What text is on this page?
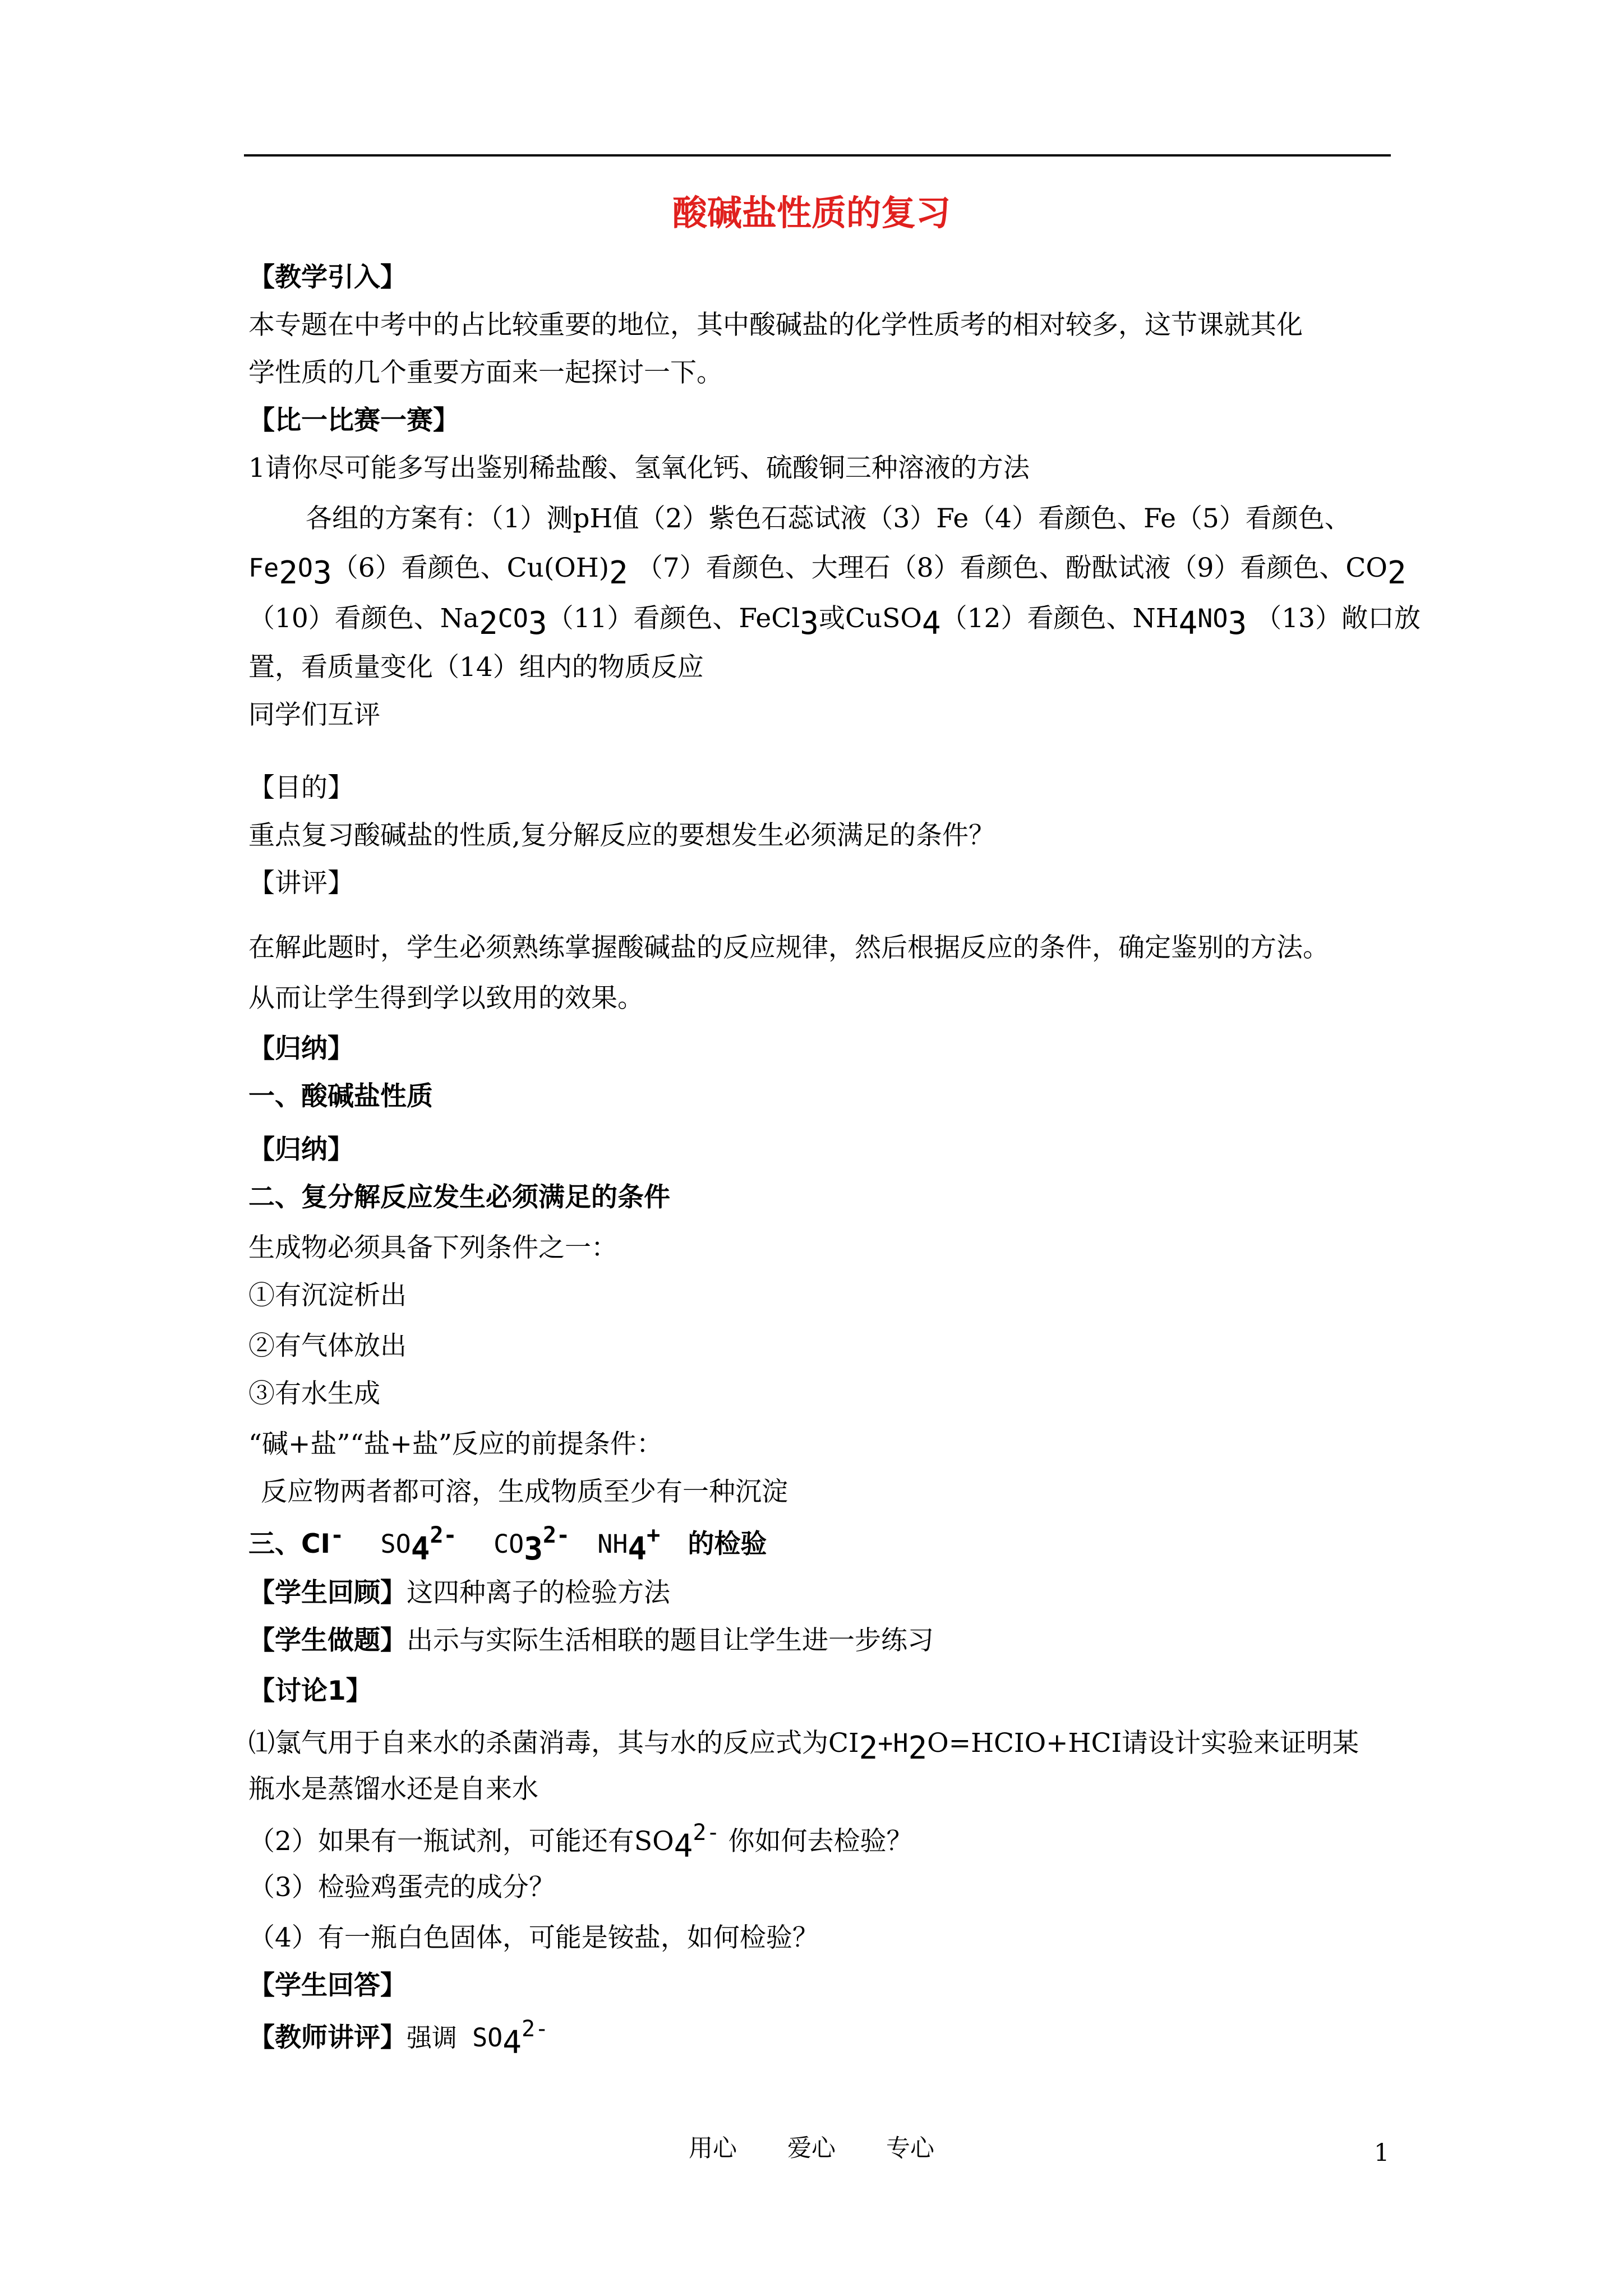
酸碱盐性质的复习
【教学引入】
本专题在中考中的占比较重要的地位，其中酸碱盐的化学性质考的相对较多，这节课就其化
学性质的几个重要方面来一起探讨一下。
【比一比赛一赛】
1请你尽可能多写出鉴别稀盐酸、氢氧化钙、硫酸铜三种溶液的方法
各组的方案有：（1）测pH值（2）紫色石蕊试液（3）Fe（4）看颜色、Fe（5）看颜色、
Fe2O3（6）看颜色、Cu(OH)2 （7）看颜色、大理石（8）看颜色、酚酞试液（9）看颜色、CO2
（10）看颜色、Na2CO3（11）看颜色、FeCl3或CuSO4（12）看颜色、NH4NO3 （13）敞口放
置，看质量变化（14）组内的物质反应
同学们互评
【目的】
重点复习酸碱盐的性质,复分解反应的要想发生必须满足的条件？
【讲评】
在解此题时，学生必须熟练掌握酸碱盐的反应规律，然后根据反应的条件，确定鉴别的方法。
从而让学生得到学以致用的效果。
【归纳】
一、酸碱盐性质
【归纳】
二、复分解反应发生必须满足的条件
生成物必须具备下列条件之一：
①有沉淀析出
②有气体放出
③有水生成
“碱+盐”“盐+盐”反应的前提条件：
反应物两者都可溶，生成物质至少有一种沉淀
三、CI- SO42- CO32- NH4+ 的检验
【学生回顾】这四种离子的检验方法
【学生做题】出示与实际生活相联的题目让学生进一步练习
【讨论1】
⑴氯气用于自来水的杀菌消毒，其与水的反应式为CI2+H2O=HCIO+HCI请设计实验来证明某
瓶水是蒸馏水还是自来水
（2）如果有一瓶试剂，可能还有SO42- 你如何去检验？
（3）检验鸡蛋壳的成分？
（4）有一瓶白色固体，可能是铵盐，如何检验？
【学生回答】
【教师讲评】强调 SO42-
用心 爱心 专心	1
